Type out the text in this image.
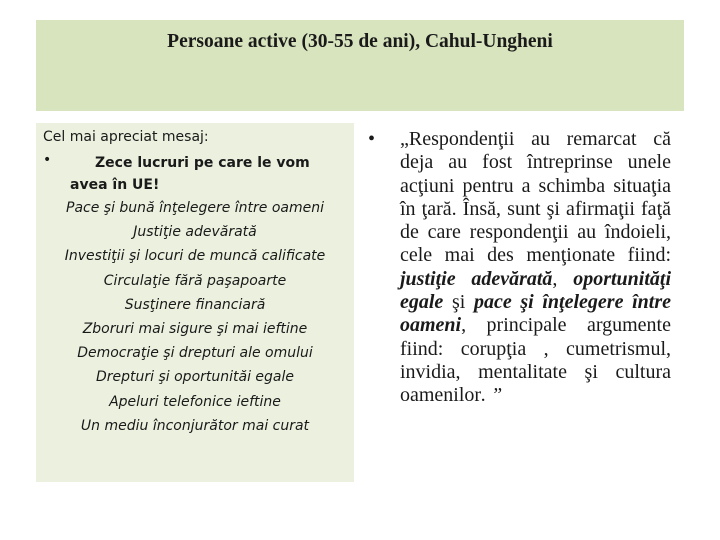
Persoane active (30-55 de ani), Cahul-Ungheni
Cel mai apreciat mesaj:
•	Zece lucruri pe care le vom avea în UE!
Pace şi bună înţelegere între oameni
Justiţie adevărată
Investiţii şi locuri de muncă calificate
Circulaţie fără paşapoarte
Susţinere financiară
Zboruri mai sigure şi mai ieftine
Democraţie şi drepturi ale omului
Drepturi şi oportunităi egale
Apeluri telefonice ieftine
Un mediu înconjurător mai curat
• „Respondenţii au remarcat că deja au fost întreprinse unele acţiuni pentru a schimba situaţia în ţară. Însă, sunt şi afirmaţii faţă de care respondenţii au îndoieli, cele mai des menţionate fiind: justiţie adevărată, oportunităţi egale şi pace şi înţelegere între oameni, principale argumente fiind: corupţia , cumetrismul, invidia, mentalitate şi cultura oamenilor. ”
